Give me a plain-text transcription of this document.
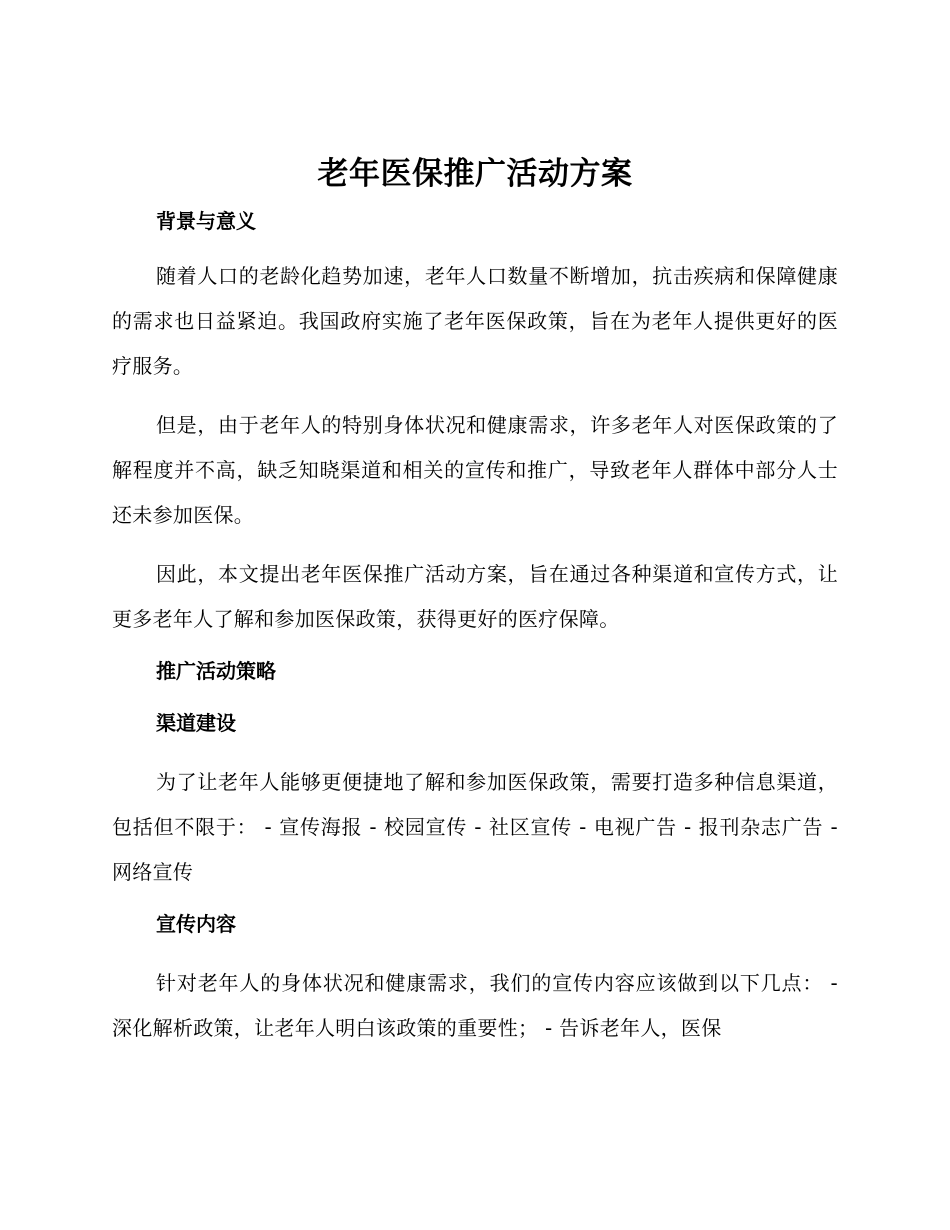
老年医保推广活动方案
背景与意义

随着人口的老龄化趋势加速，老年人口数量不断增加，抗击疾病和保障健康的需求也日益紧迫。我国政府实施了老年医保政策，旨在为老年人提供更好的医疗服务。

但是，由于老年人的特别身体状况和健康需求，许多老年人对医保政策的了解程度并不高，缺乏知晓渠道和相关的宣传和推广，导致老年人群体中部分人士还未参加医保。

因此，本文提出老年医保推广活动方案，旨在通过各种渠道和宣传方式，让更多老年人了解和参加医保政策，获得更好的医疗保障。

推广活动策略
渠道建设

为了让老年人能够更便捷地了解和参加医保政策，需要打造多种信息渠道，包括但不限于： - 宣传海报 - 校园宣传 - 社区宣传 - 电视广告 - 报刊杂志广告 - 网络宣传

宣传内容

针对老年人的身体状况和健康需求，我们的宣传内容应该做到以下几点： - 深化解析政策，让老年人明白该政策的重要性； - 告诉老年人，医保
